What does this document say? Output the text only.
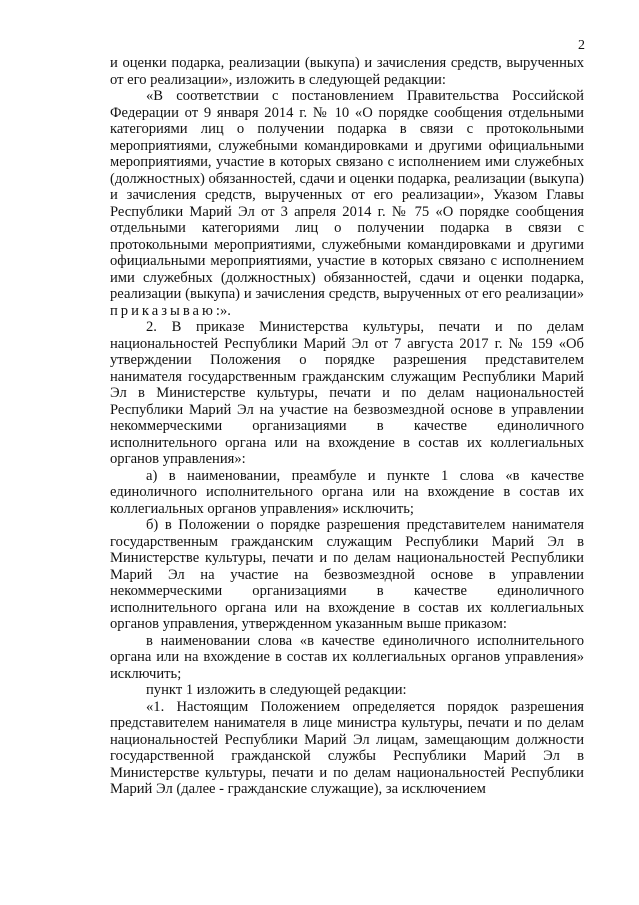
2

и оценки подарка, реализации (выкупа) и зачисления средств, вырученных от его реализации», изложить в следующей редакции:

«В соответствии с постановлением Правительства Российской Федерации от 9 января 2014 г. № 10 «О порядке сообщения отдельными категориями лиц о получении подарка в связи с протокольными мероприятиями, служебными командировками и другими официальными мероприятиями, участие в которых связано с исполнением ими служебных (должностных) обязанностей, сдачи и оценки подарка, реализации (выкупа) и зачисления средств, вырученных от его реализации», Указом Главы Республики Марий Эл от 3 апреля 2014 г. № 75 «О порядке сообщения отдельными категориями лиц о получении подарка в связи с протокольными мероприятиями, служебными командировками и другими официальными мероприятиями, участие в которых связано с исполнением ими служебных (должностных) обязанностей, сдачи и оценки подарка, реализации (выкупа) и зачисления средств, вырученных от его реализации» приказываю:».

2. В приказе Министерства культуры, печати и по делам национальностей Республики Марий Эл от 7 августа 2017 г. № 159 «Об утверждении Положения о порядке разрешения представителем нанимателя государственным гражданским служащим Республики Марий Эл в Министерстве культуры, печати и по делам национальностей Республики Марий Эл на участие на безвозмездной основе в управлении некоммерческими организациями в качестве единоличного исполнительного органа или на вхождение в состав их коллегиальных органов управления»:

а) в наименовании, преамбуле и пункте 1 слова «в качестве единоличного исполнительного органа или на вхождение в состав их коллегиальных органов управления» исключить;

б) в Положении о порядке разрешения представителем нанимателя государственным гражданским служащим Республики Марий Эл в Министерстве культуры, печати и по делам национальностей Республики Марий Эл на участие на безвозмездной основе в управлении некоммерческими организациями в качестве единоличного исполнительного органа или на вхождение в состав их коллегиальных органов управления, утвержденном указанным выше приказом:

в наименовании слова «в качестве единоличного исполнительного органа или на вхождение в состав их коллегиальных органов управления» исключить;

пункт 1 изложить в следующей редакции:

«1. Настоящим Положением определяется порядок разрешения представителем нанимателя в лице министра культуры, печати и по делам национальностей Республики Марий Эл лицам, замещающим должности государственной гражданской службы Республики Марий Эл в Министерстве культуры, печати и по делам национальностей Республики Марий Эл (далее - гражданские служащие), за исключением
